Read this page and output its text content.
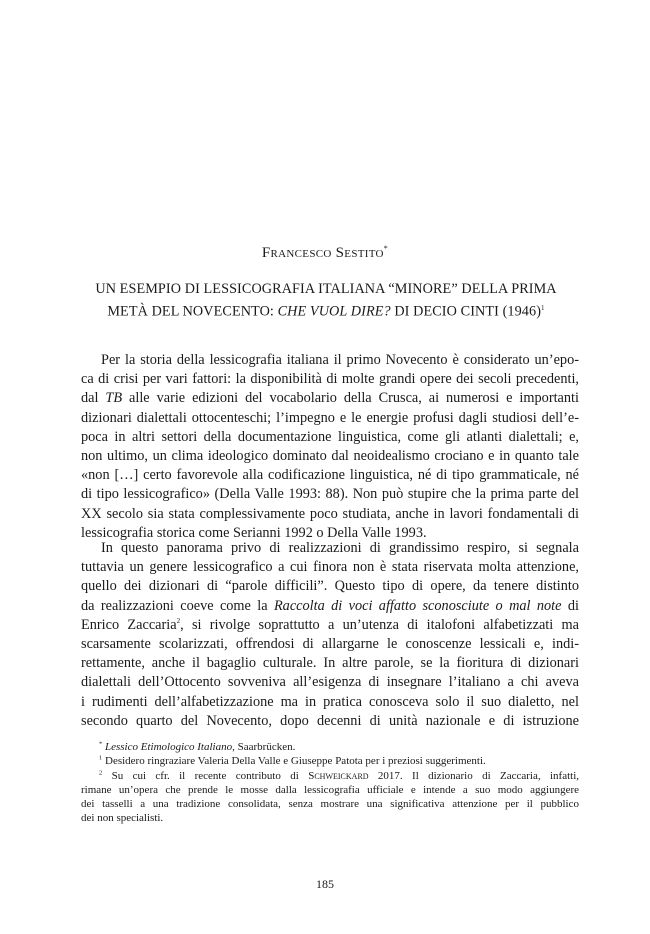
Francesco Sestito*
UN ESEMPIO DI LESSICOGRAFIA ITALIANA “MINORE” DELLA PRIMA
METÀ DEL NOVECENTO: CHE VUOL DIRE? DI DECIO CINTI $(1946)^1$
Per la storia della lessicografia italiana il primo Novecento è considerato un’epo-
ca di crisi per vari fattori: la disponibilità di molte grandi opere dei secoli precedenti,
dal TB alle varie edizioni del vocabolario della Crusca, ai numerosi e importanti
dizionari dialettali ottocenteschi; l’impegno e le energie profusi dagli studiosi dell’e-
poca in altri settori della documentazione linguistica, come gli atlanti dialettali; e,
non ultimo, un clima ideologico dominato dal neoidealismo crociano e in quanto tale
«non […] certo favorevole alla codificazione linguistica, né di tipo grammaticale, né
di tipo lessicografico» (Della Valle 1993: 88). Non può stupire che la prima parte del
XX secolo sia stata complessivamente poco studiata, anche in lavori fondamentali di
lessicografia storica come Serianni 1992 o Della Valle 1993.
In questo panorama privo di realizzazioni di grandissimo respiro, si segnala
tuttavia un genere lessicografico a cui finora non è stata riservata molta attenzione,
quello dei dizionari di “parole difficili”. Questo tipo di opere, da tenere distinto
da realizzazioni coeve come la Raccolta di voci affatto sconosciute o mal note di
Enrico Zaccaria$^2$, si rivolge soprattutto a un’utenza di italofoni alfabetizzati ma
scarsamente scolarizzati, offrendosi di allargarne le conoscenze lessicali e, indi-
rettamente, anche il bagaglio culturale. In altre parole, se la fioritura di dizionari
dialettali dell’Ottocento sovveniva all’esigenza di insegnare l’italiano a chi aveva
i rudimenti dell’alfabetizzazione ma in pratica conosceva solo il suo dialetto, nel
secondo quarto del Novecento, dopo decenni di unità nazionale e di istruzione
* Lessico Etimologico Italiano, Saarbrücken.
$^1$ Desidero ringraziare Valeria Della Valle e Giuseppe Patota per i preziosi suggerimenti.
$^2$ Su cui cfr. il recente contributo di Schweickard 2017. Il dizionario di Zaccaria, infatti,
rimane un’opera che prende le mosse dalla lessicografia ufficiale e intende a suo modo aggiungere
dei tasselli a una tradizione consolidata, senza mostrare una significativa attenzione per il pubblico
dei non specialisti.
185
